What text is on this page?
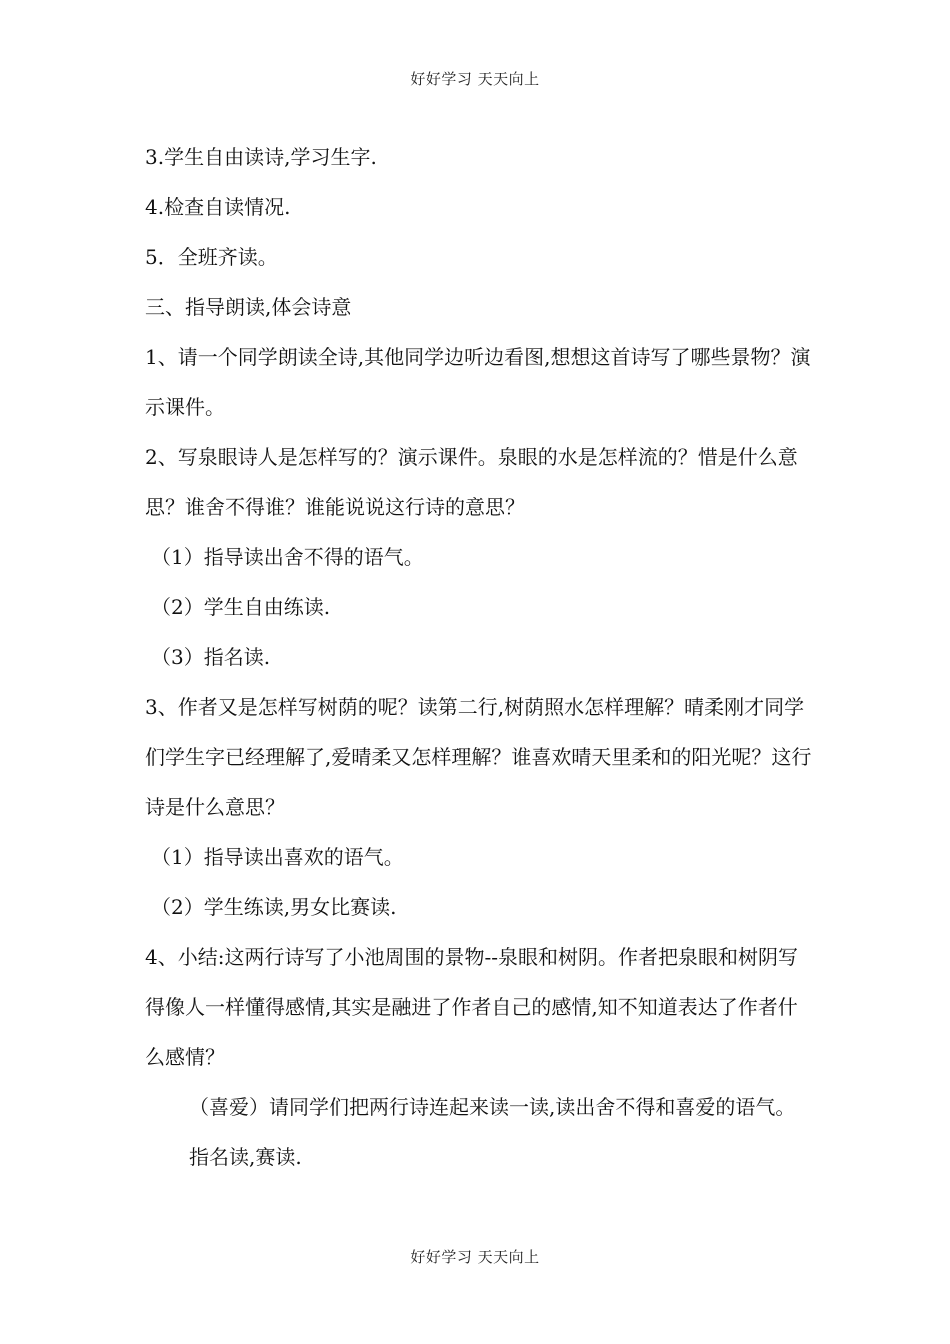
好好学习 天天向上

3.学生自由读诗,学习生字.

4.检查自读情况.

5．全班齐读。

三、指导朗读,体会诗意

1、请一个同学朗读全诗,其他同学边听边看图,想想这首诗写了哪些景物？演示课件。

2、写泉眼诗人是怎样写的？演示课件。泉眼的水是怎样流的？惜是什么意思？谁舍不得谁？谁能说说这行诗的意思？

（1）指导读出舍不得的语气。

（2）学生自由练读.

（3）指名读.

3、作者又是怎样写树荫的呢？读第二行,树荫照水怎样理解？晴柔刚才同学们学生字已经理解了,爱晴柔又怎样理解？谁喜欢晴天里柔和的阳光呢？这行诗是什么意思？

（1）指导读出喜欢的语气。

（2）学生练读,男女比赛读.

4、小结:这两行诗写了小池周围的景物--泉眼和树阴。作者把泉眼和树阴写得像人一样懂得感情,其实是融进了作者自己的感情,知不知道表达了作者什么感情？

（喜爱）请同学们把两行诗连起来读一读,读出舍不得和喜爱的语气。

指名读,赛读.

好好学习 天天向上
